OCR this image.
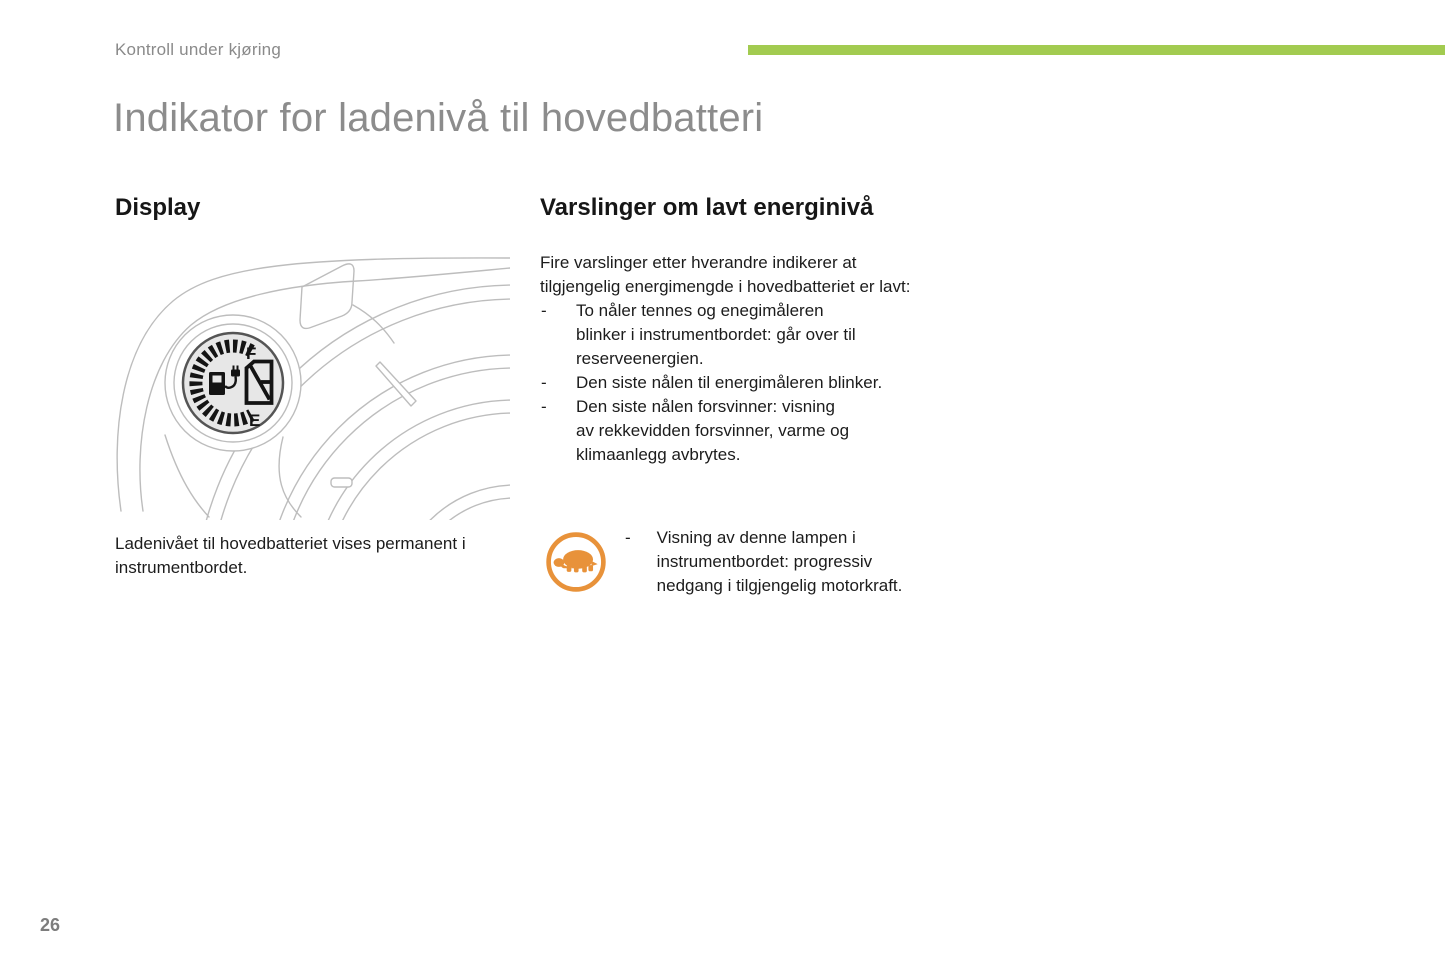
Kontroll under kjøring
Indikator for ladenivå til hovedbatteri
Display
F
E
Ladenivået til hovedbatteriet vises permanent i
instrumentbordet.
Varslinger om lavt energinivå
Fire varslinger etter hverandre indikerer at
tilgjengelig energimengde i hovedbatteriet er lavt:
- To nåler tennes og enegimåleren
blinker i instrumentbordet: går over til
reserveenergien.
- Den siste nålen til energimåleren blinker.
- Den siste nålen forsvinner: visning
av rekkevidden forsvinner, varme og
klimaanlegg avbrytes.
- Visning av denne lampen i
instrumentbordet: progressiv
nedgang i tilgjengelig motorkraft.
26
